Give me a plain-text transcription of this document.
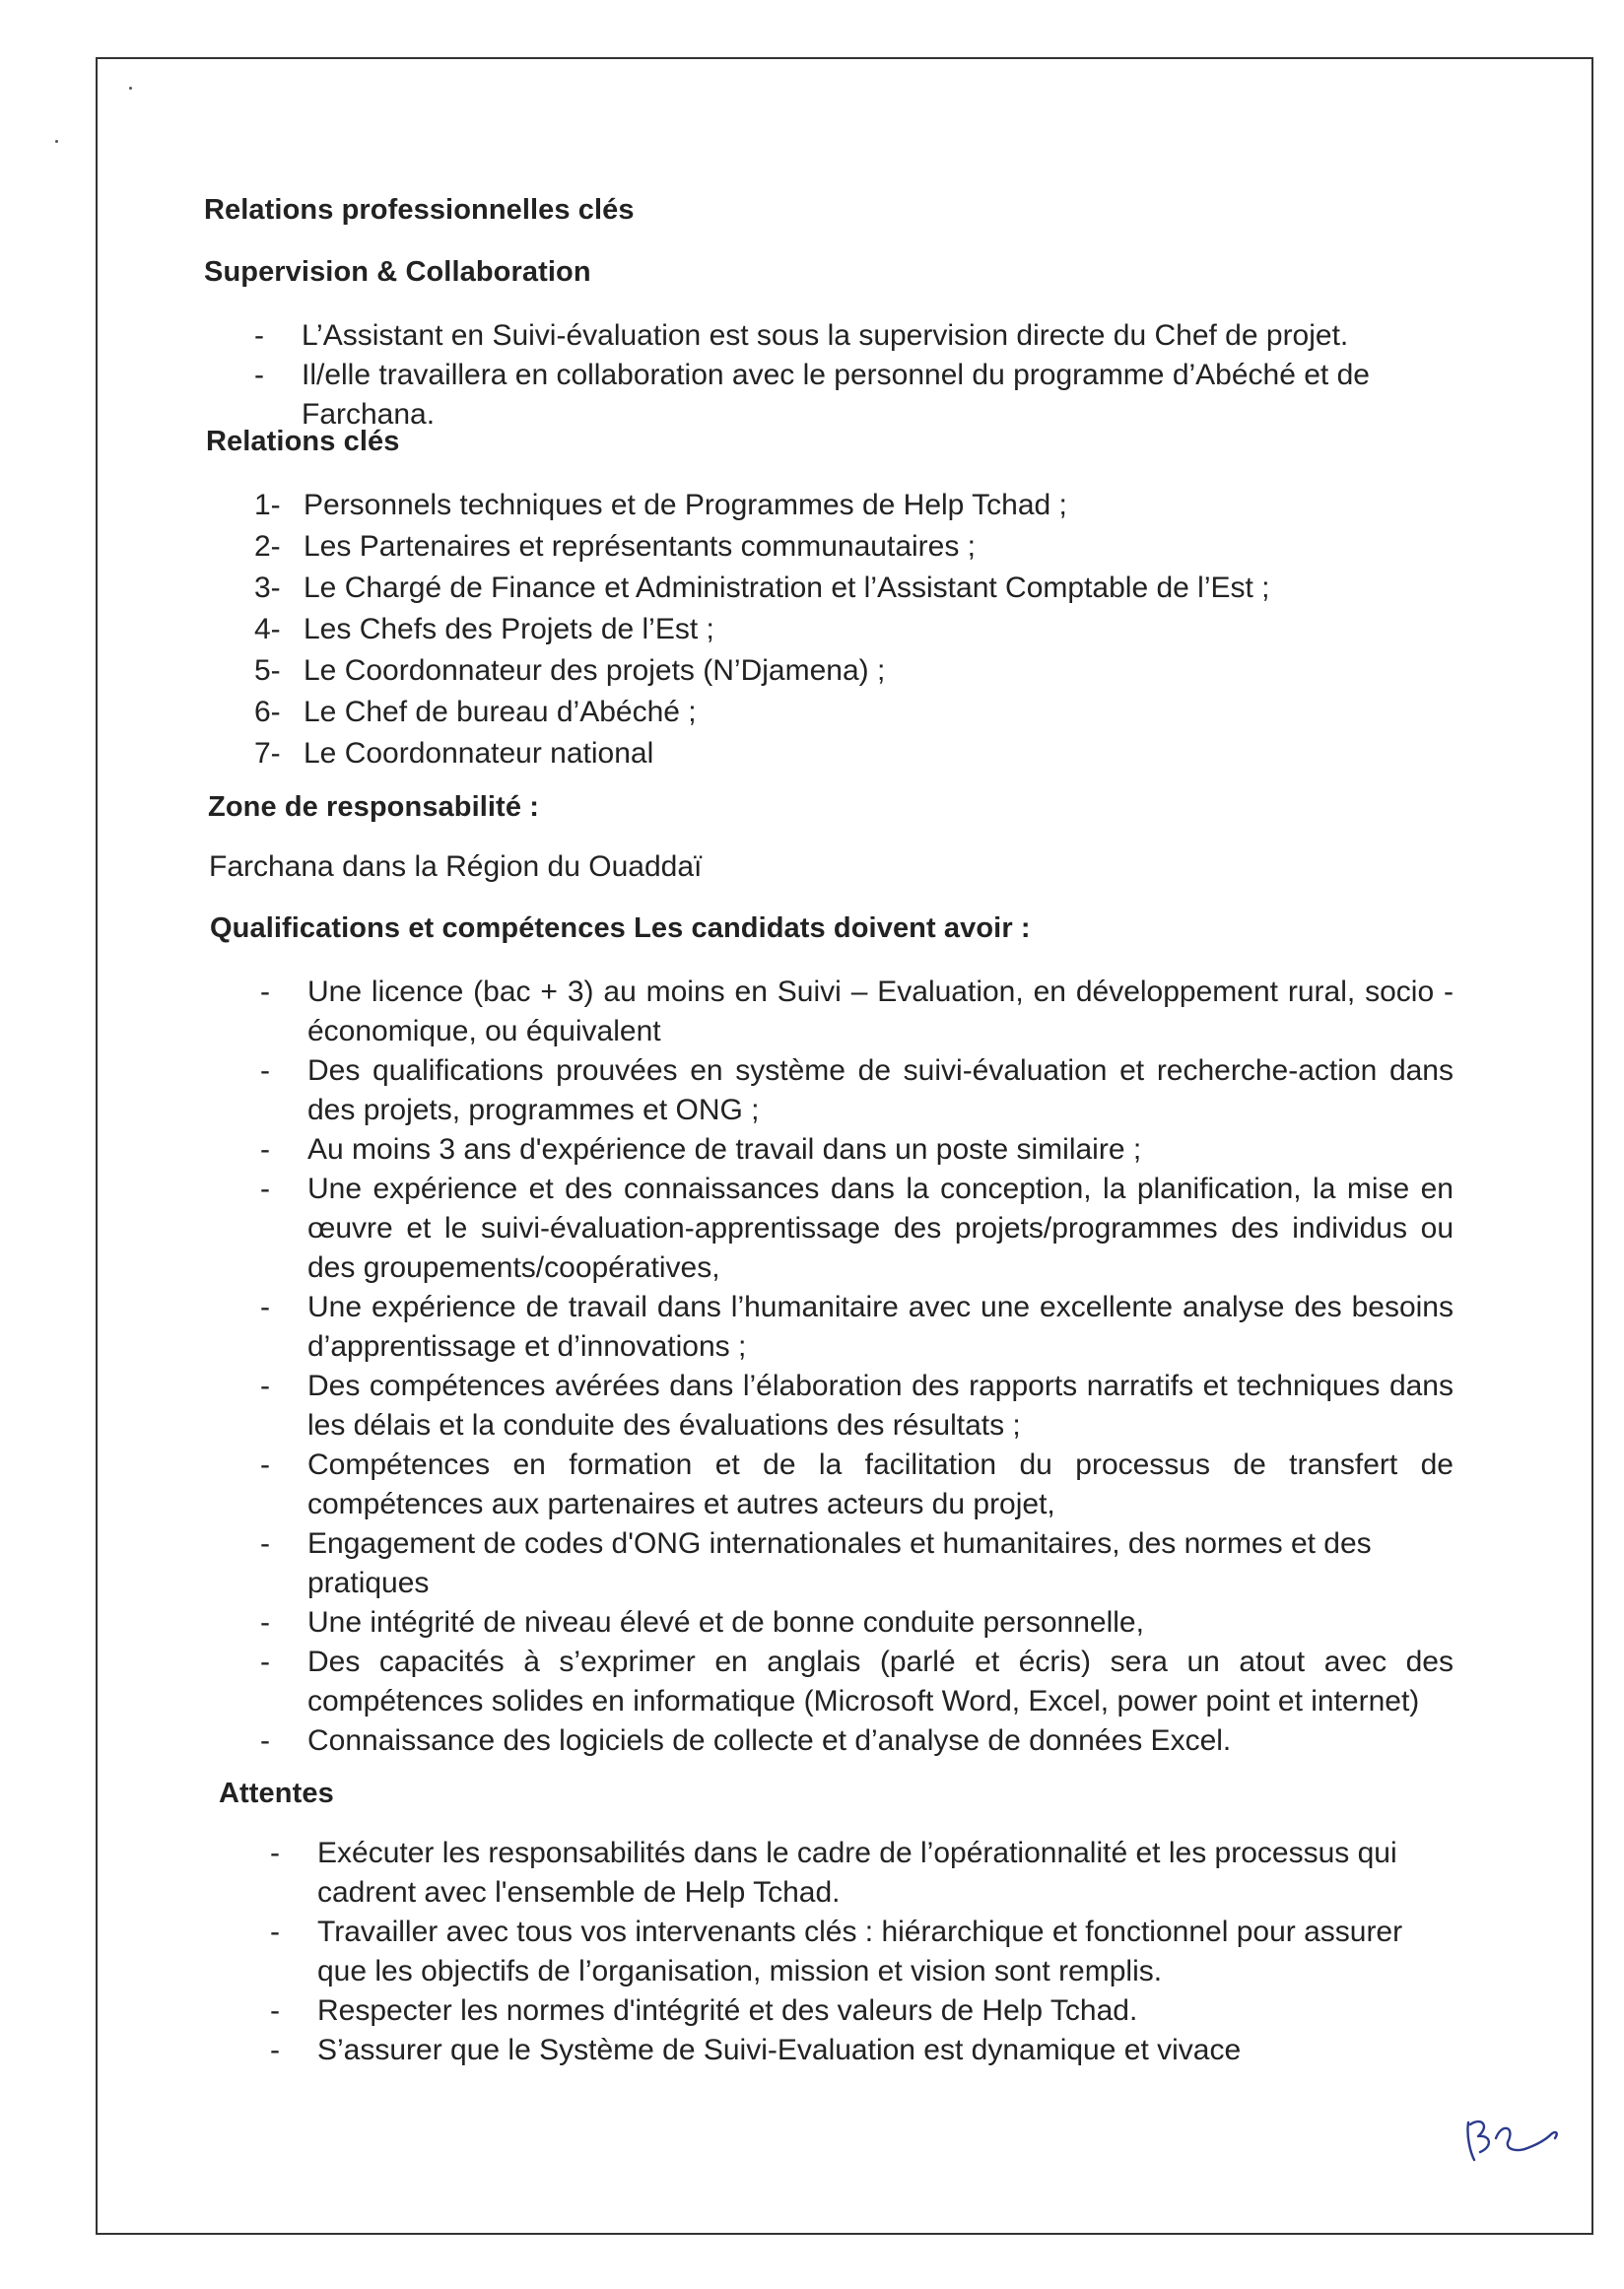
Relations professionnelles clés
Supervision & Collaboration
- L’Assistant en Suivi-évaluation est sous la supervision directe du Chef de projet.
- Il/elle travaillera en collaboration avec le personnel du programme d’Abéché et de Farchana.
Relations clés
1- Personnels techniques et de Programmes de Help Tchad ;
2- Les Partenaires et représentants communautaires ;
3- Le Chargé de Finance et Administration et l’Assistant Comptable de l’Est ;
4- Les Chefs des Projets de l’Est ;
5- Le Coordonnateur des projets (N’Djamena) ;
6- Le Chef de bureau d’Abéché ;
7- Le Coordonnateur national
Zone de responsabilité :
Farchana dans la Région du Ouaddaï
Qualifications et compétences Les candidats doivent avoir :
- Une licence (bac + 3) au moins en Suivi – Evaluation, en développement rural, socio - économique, ou équivalent
- Des qualifications prouvées en système de suivi-évaluation et recherche-action dans des projets, programmes et ONG ;
- Au moins 3 ans d'expérience de travail dans un poste similaire ;
- Une expérience et des connaissances dans la conception, la planification, la mise en œuvre et le suivi-évaluation-apprentissage des projets/programmes des individus ou des groupements/coopératives,
- Une expérience de travail dans l’humanitaire avec une excellente analyse des besoins d’apprentissage et d’innovations ;
- Des compétences avérées dans l’élaboration des rapports narratifs et techniques dans les délais et la conduite des évaluations des résultats ;
- Compétences en formation et de la facilitation du processus de transfert de compétences aux partenaires et autres acteurs du projet,
- Engagement de codes d'ONG internationales et humanitaires, des normes et des pratiques
- Une intégrité de niveau élevé et de bonne conduite personnelle,
- Des capacités à s’exprimer en anglais (parlé et écris) sera un atout avec des compétences solides en informatique (Microsoft Word, Excel, power point et internet)
- Connaissance des logiciels de collecte et d’analyse de données Excel.
Attentes
- Exécuter les responsabilités dans le cadre de l’opérationnalité et les processus qui cadrent avec l'ensemble de Help Tchad.
- Travailler avec tous vos intervenants clés : hiérarchique et fonctionnel pour assurer que les objectifs de l’organisation, mission et vision sont remplis.
- Respecter les normes d'intégrité et des valeurs de Help Tchad.
- S’assurer que le Système de Suivi-Evaluation est dynamique et vivace
